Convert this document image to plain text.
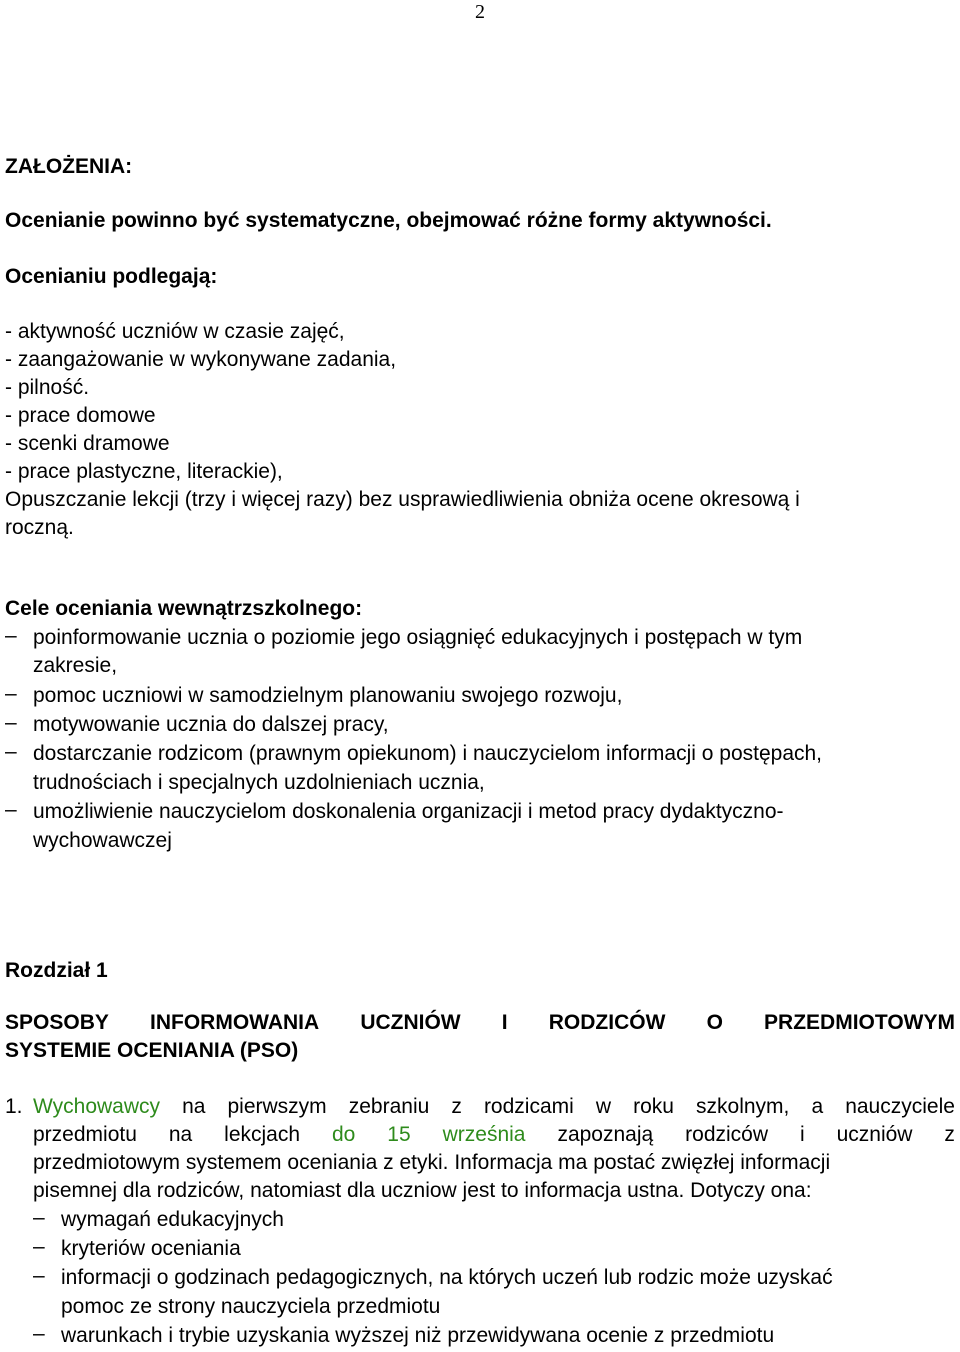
2
ZAŁOŻENIA:
Ocenianie powinno być systematyczne, obejmować różne formy aktywności.
Ocenianiu podlegają:
- aktywność uczniów w czasie zajęć,
- zaangażowanie w wykonywane zadania,
- pilność.
- prace domowe
- scenki dramowe
- prace plastyczne, literackie),
Opuszczanie lekcji (trzy i więcej razy) bez usprawiedliwienia obniża ocene okresową i
roczną.
Cele oceniania wewnątrzszkolnego:
– poinformowanie ucznia o poziomie jego osiągnięć edukacyjnych i postępach w tym
zakresie,
– pomoc uczniowi w samodzielnym planowaniu swojego rozwoju,
– motywowanie ucznia do dalszej pracy,
– dostarczanie rodzicom (prawnym opiekunom) i nauczycielom informacji o postępach,
trudnościach i specjalnych uzdolnieniach ucznia,
– umożliwienie nauczycielom doskonalenia organizacji i metod pracy dydaktyczno-
wychowawczej
Rozdział 1
SPOSOBY INFORMOWANIA UCZNIÓW I RODZICÓW O PRZEDMIOTOWYM
SYSTEMIE OCENIANIA (PSO)
1. Wychowawcy na pierwszym zebraniu z rodzicami w roku szkolnym, a nauczyciele
przedmiotu na lekcjach do 15 września zapoznają rodziców i uczniów z
przedmiotowym systemem oceniania z etyki. Informacja ma postać zwięzłej informacji
pisemnej dla rodziców, natomiast dla uczniow jest to informacja ustna. Dotyczy ona:
– wymagań edukacyjnych
– kryteriów oceniania
– informacji o godzinach pedagogicznych, na których uczeń lub rodzic może uzyskać
pomoc ze strony nauczyciela przedmiotu
– warunkach i trybie uzyskania wyższej niż przewidywana ocenie z przedmiotu
